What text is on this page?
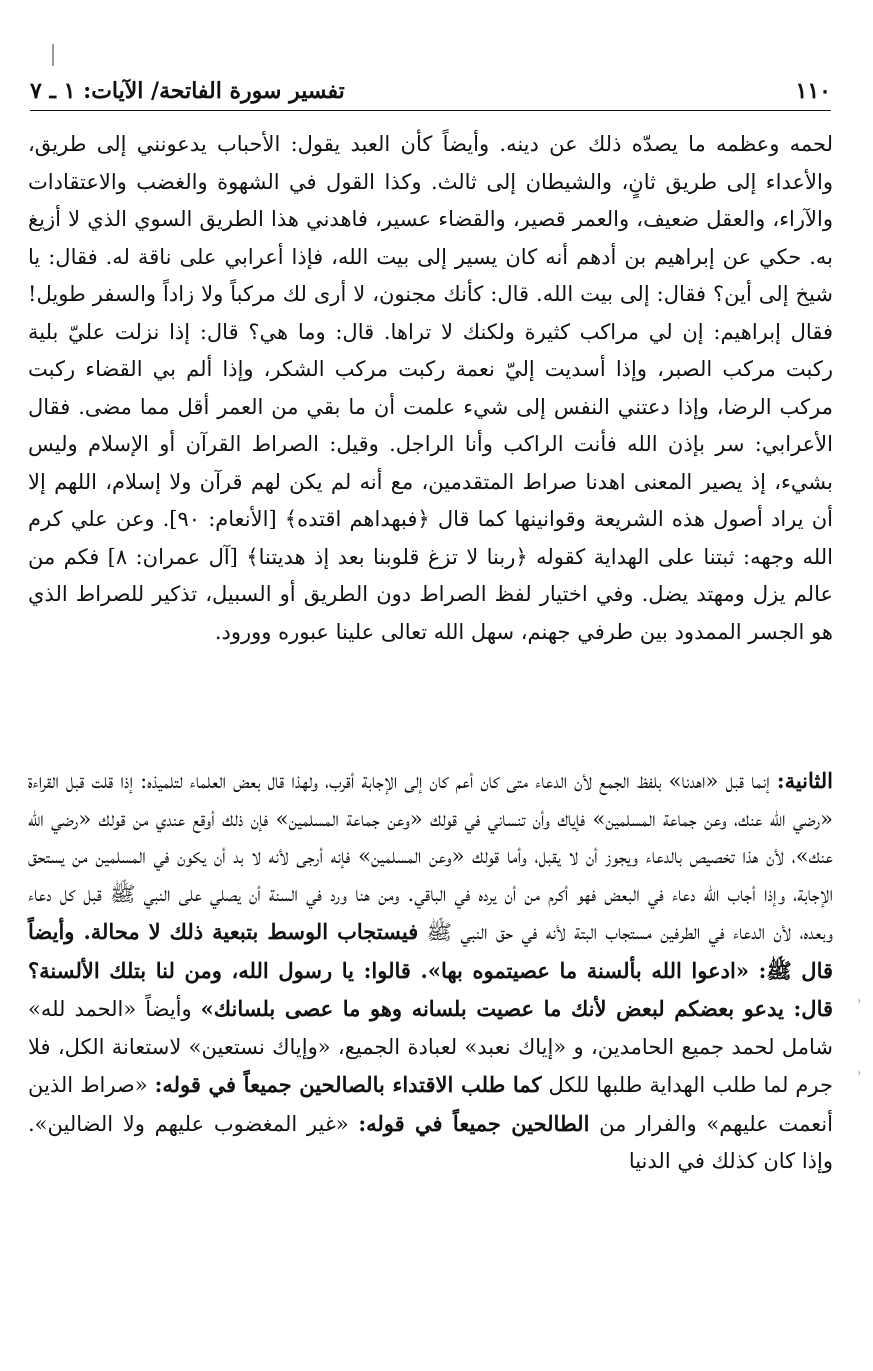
١١٠
تفسير سورة الفاتحة/ الآيات: ١ ـ ٧

لحمه وعظمه ما يصدّه ذلك عن دينه. وأيضاً كأن العبد يقول: الأحباب يدعونني إلى طريق، والأعداء إلى طريق ثانٍ، والشيطان إلى ثالث. وكذا القول في الشهوة والغضب والاعتقادات والآراء، والعقل ضعيف، والعمر قصير، والقضاء عسير، فاهدني هذا الطريق السوي الذي لا أزيغ به. حكي عن إبراهيم بن أدهم أنه كان يسير إلى بيت الله، فإذا أعرابي على ناقة له. فقال: يا شيخ إلى أين؟ فقال: إلى بيت الله. قال: كأنك مجنون، لا أرى لك مركباً ولا زاداً والسفر طويل! فقال إبراهيم: إن لي مراكب كثيرة ولكنك لا تراها. قال: وما هي؟ قال: إذا نزلت عليّ بلية ركبت مركب الصبر، وإذا أسديت إليّ نعمة ركبت مركب الشكر، وإذا ألم بي القضاء ركبت مركب الرضا، وإذا دعتني النفس إلى شيء علمت أن ما بقي من العمر أقل مما مضى. فقال الأعرابي: سر بإذن الله فأنت الراكب وأنا الراجل. وقيل: الصراط القرآن أو الإسلام وليس بشيء، إذ يصير المعنى اهدنا صراط المتقدمين، مع أنه لم يكن لهم قرآن ولا إسلام، اللهم إلا أن يراد أصول هذه الشريعة وقوانينها كما قال ﴿فبهداهم اقتده﴾ [الأنعام: ٩٠]. وعن علي كرم الله وجهه: ثبتنا على الهداية كقوله ﴿ربنا لا تزغ قلوبنا بعد إذ هديتنا﴾ [آل عمران: ٨] فكم من عالم يزل ومهتد يضل. وفي اختيار لفظ الصراط دون الطريق أو السبيل، تذكير للصراط الذي هو الجسر الممدود بين طرفي جهنم، سهل الله تعالى علينا عبوره وورود.

الثانية: إنما قبل «اهدنا» بلفظ الجمع لأن الدعاء متى كان أعم كان إلى الإجابة أقرب، ولهذا قال بعض العلماء لتلميذه: إذا قلت قبل القراءة «رضي الله عنك، وعن جماعة المسلمين» فإياك وأن تنساني في قولك «وعن جماعة المسلمين» فإن ذلك أوقع عندي من قولك «رضي الله عنك»، لأن هذا تخصيص بالدعاء ويجوز أن لا يقبل، وأما قولك «وعن المسلمين» فإنه أرجى لأنه لا بد أن يكون في المسلمين من يستحق الإجابة، وإذا أجاب الله دعاء في البعض فهو أكرم من أن يرده في الباقي. ومن هنا ورد في السنة أن يصلي على النبي ﷺ قبل كل دعاء وبعده، لأن الدعاء في الطرفين مستجاب البتة لأنه في حق النبي ﷺ فيستجاب الوسط بتبعية ذلك لا محالة. وأيضاً قال ﷺ: «ادعوا الله بألسنة ما عصيتموه بها». قالوا: يا رسول الله، ومن لنا بتلك الألسنة؟ قال: يدعو بعضكم لبعض لأنك ما عصيت بلسانه وهو ما عصى بلسانك» وأيضاً «الحمد لله» شامل لحمد جميع الحامدين، و «إياك نعبد» لعبادة الجميع، «وإياك نستعين» لاستعانة الكل، فلا جرم لما طلب الهداية طلبها للكل كما طلب الاقتداء بالصالحين جميعاً في قوله: «صراط الذين أنعمت عليهم» والفرار من الطالحين جميعاً في قوله: «غير المغضوب عليهم ولا الضالين». وإذا كان كذلك في الدنيا

›
›
